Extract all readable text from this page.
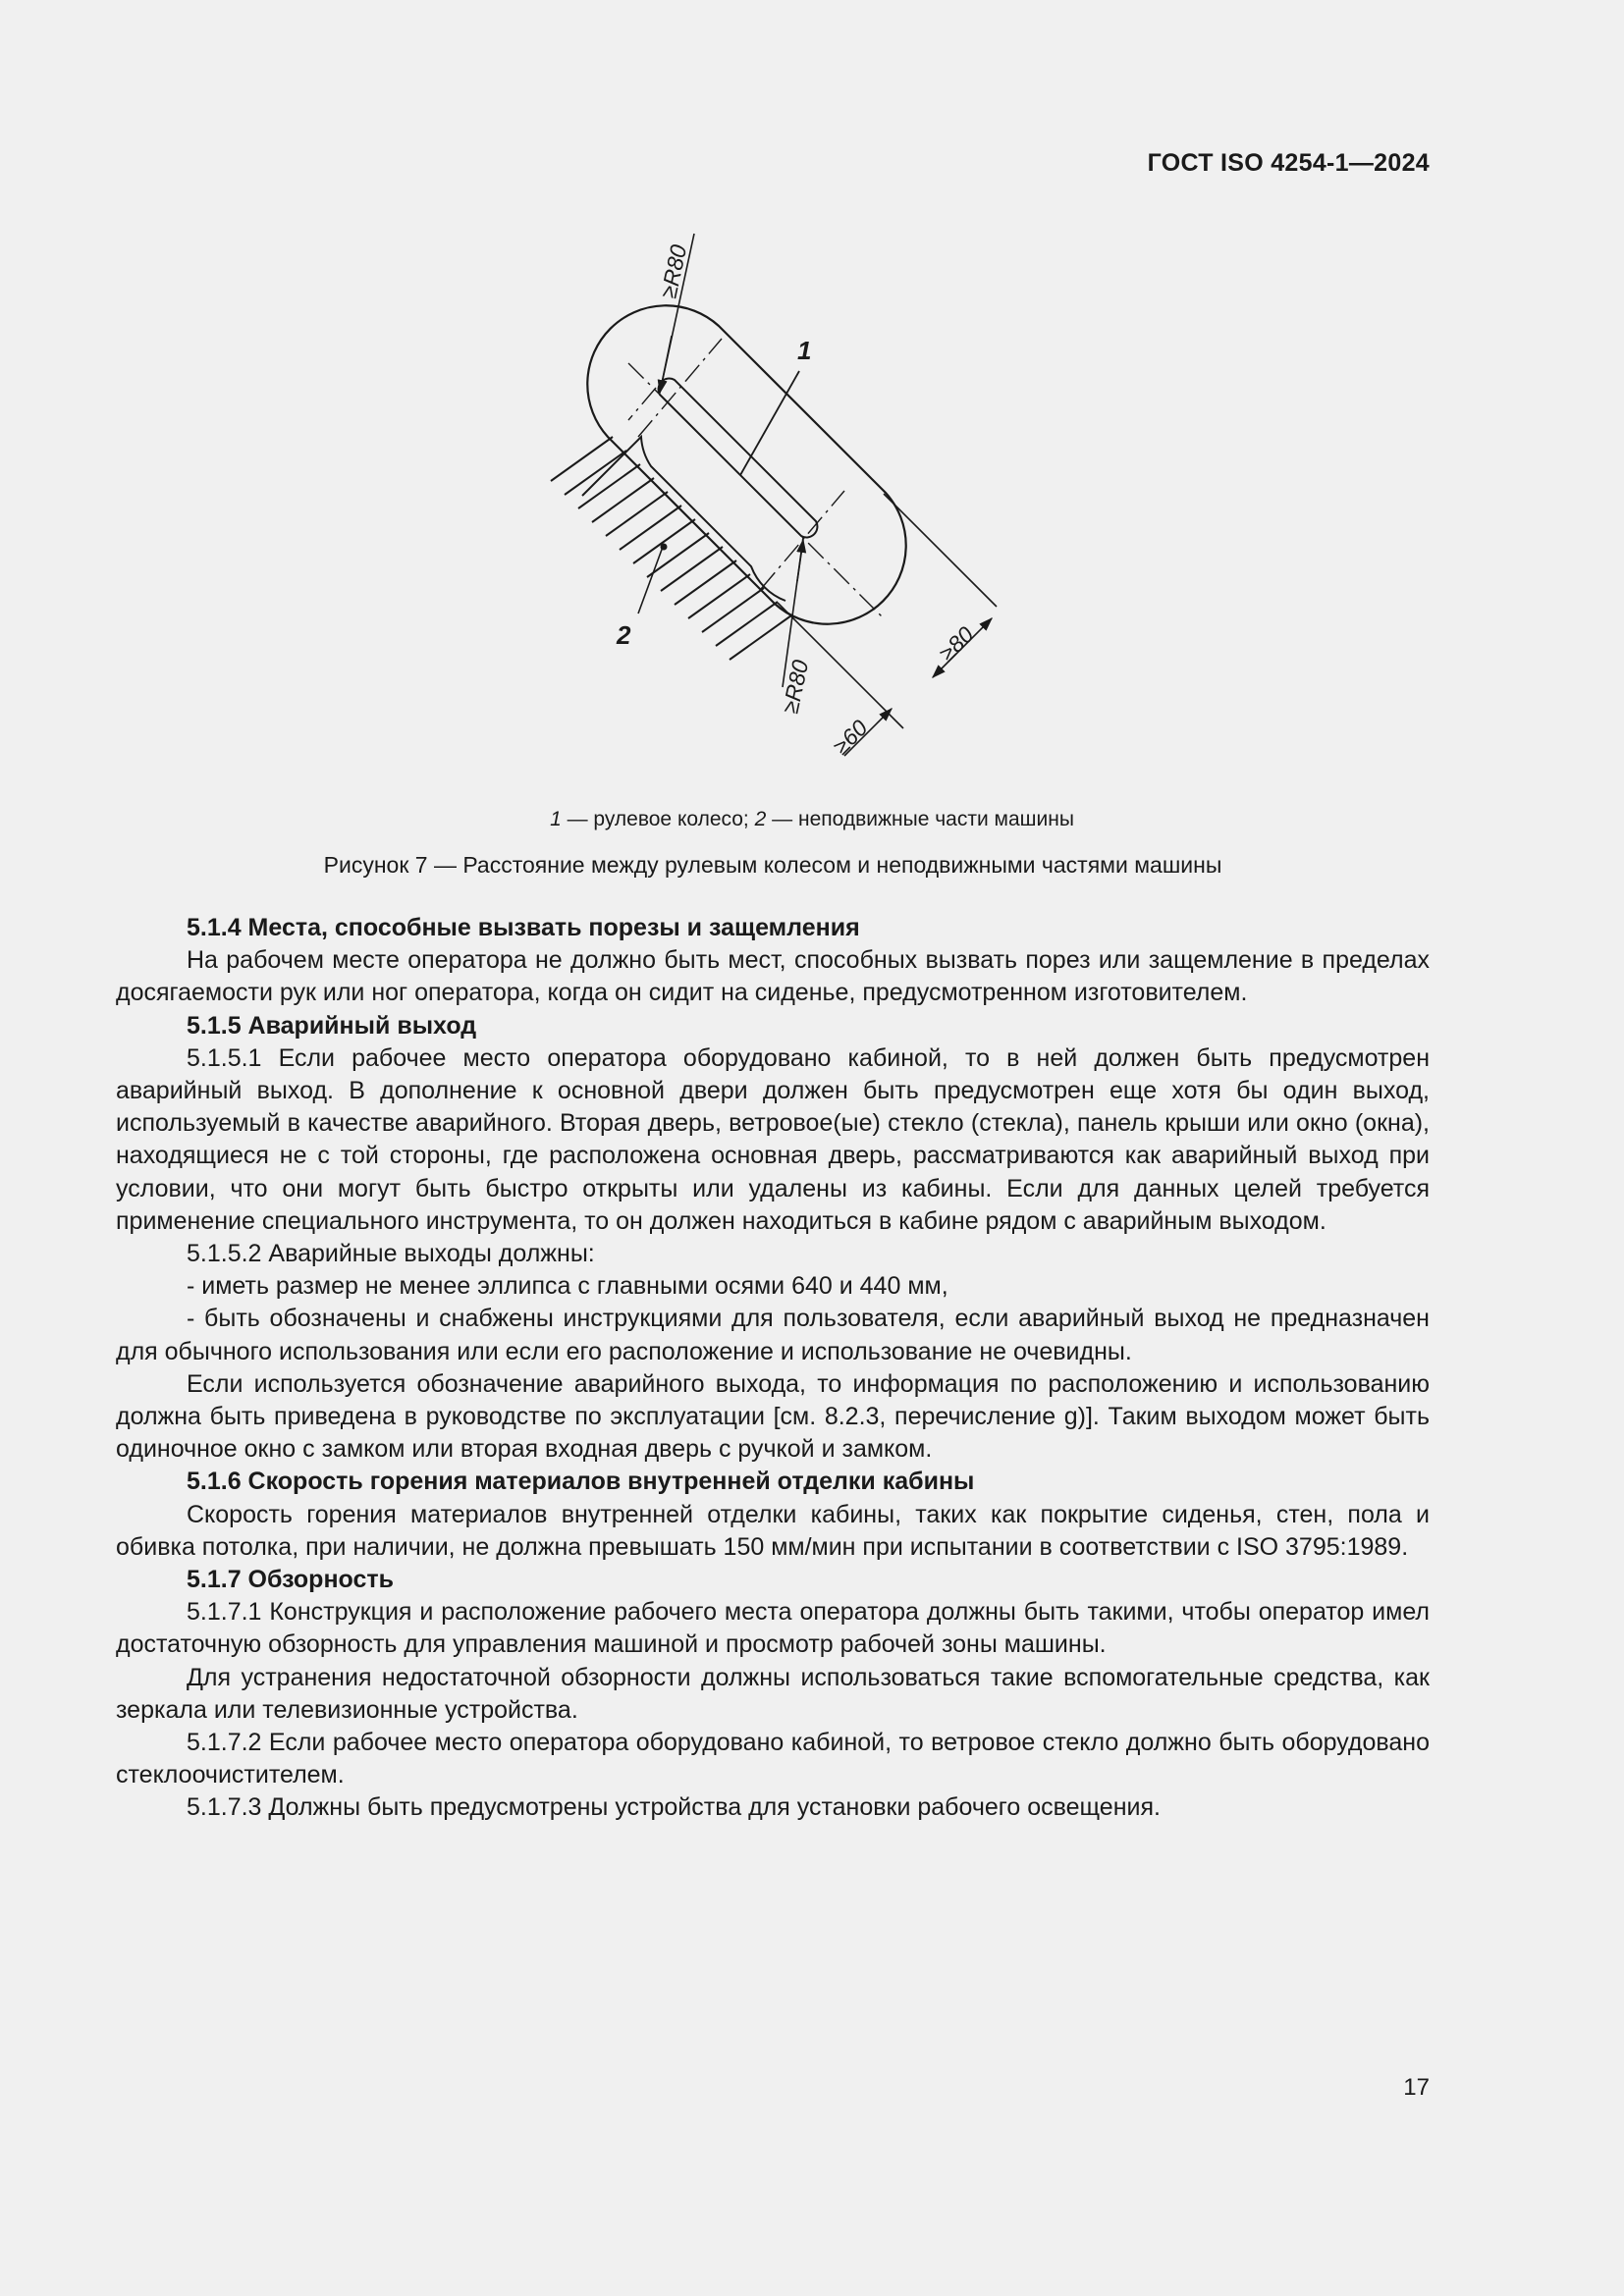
ГОСТ ISO 4254-1—2024
≥R80
≥R80
≥80
≥60
1
2
1 — рулевое колесо; 2 — неподвижные части машины
Рисунок 7 — Расстояние между рулевым колесом и неподвижными частями машины

5.1.4 Места, способные вызвать порезы и защемления

На рабочем месте оператора не должно быть мест, способных вызвать порез или защемление в пределах досягаемости рук или ног оператора, когда он сидит на сиденье, предусмотренном изготовителем.

5.1.5 Аварийный выход

5.1.5.1 Если рабочее место оператора оборудовано кабиной, то в ней должен быть предусмотрен аварийный выход. В дополнение к основной двери должен быть предусмотрен еще хотя бы один выход, используемый в качестве аварийного. Вторая дверь, ветровое(ые) стекло (стекла), панель крыши или окно (окна), находящиеся не с той стороны, где расположена основная дверь, рассматриваются как аварийный выход при условии, что они могут быть быстро открыты или удалены из кабины. Если для данных целей требуется применение специального инструмента, то он должен находиться в кабине рядом с аварийным выходом.

5.1.5.2 Аварийные выходы должны:

- иметь размер не менее эллипса с главными осями 640 и 440 мм,

- быть обозначены и снабжены инструкциями для пользователя, если аварийный выход не предназначен для обычного использования или если его расположение и использование не очевидны.

Если используется обозначение аварийного выхода, то информация по расположению и использованию должна быть приведена в руководстве по эксплуатации [см. 8.2.3, перечисление g)]. Таким выходом может быть одиночное окно с замком или вторая входная дверь с ручкой и замком.

5.1.6 Скорость горения материалов внутренней отделки кабины

Скорость горения материалов внутренней отделки кабины, таких как покрытие сиденья, стен, пола и обивка потолка, при наличии, не должна превышать 150 мм/мин при испытании в соответствии с ISO 3795:1989.

5.1.7 Обзорность

5.1.7.1 Конструкция и расположение рабочего места оператора должны быть такими, чтобы оператор имел достаточную обзорность для управления машиной и просмотр рабочей зоны машины.

Для устранения недостаточной обзорности должны использоваться такие вспомогательные средства, как зеркала или телевизионные устройства.

5.1.7.2 Если рабочее место оператора оборудовано кабиной, то ветровое стекло должно быть оборудовано стеклоочистителем.

5.1.7.3 Должны быть предусмотрены устройства для установки рабочего освещения.

17
